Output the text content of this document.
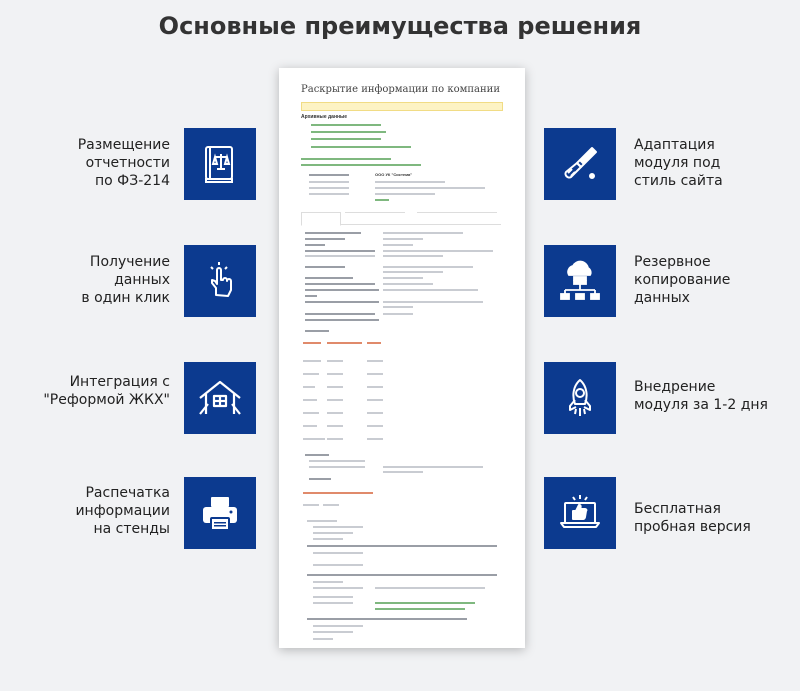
Основные преимущества решения
Размещение
отчетности
по ФЗ-214
Получение
данных
в один клик
Интеграция с
"Реформой ЖКХ"
Распечатка
информации
на стенды
Адаптация
модуля под
стиль сайта
Резервное
копирование
данных
Внедрение
модуля за 1-2 дня
Бесплатная
пробная версия
Раскрытие информации по компании
Архивные данные
ООО УК "Система"
